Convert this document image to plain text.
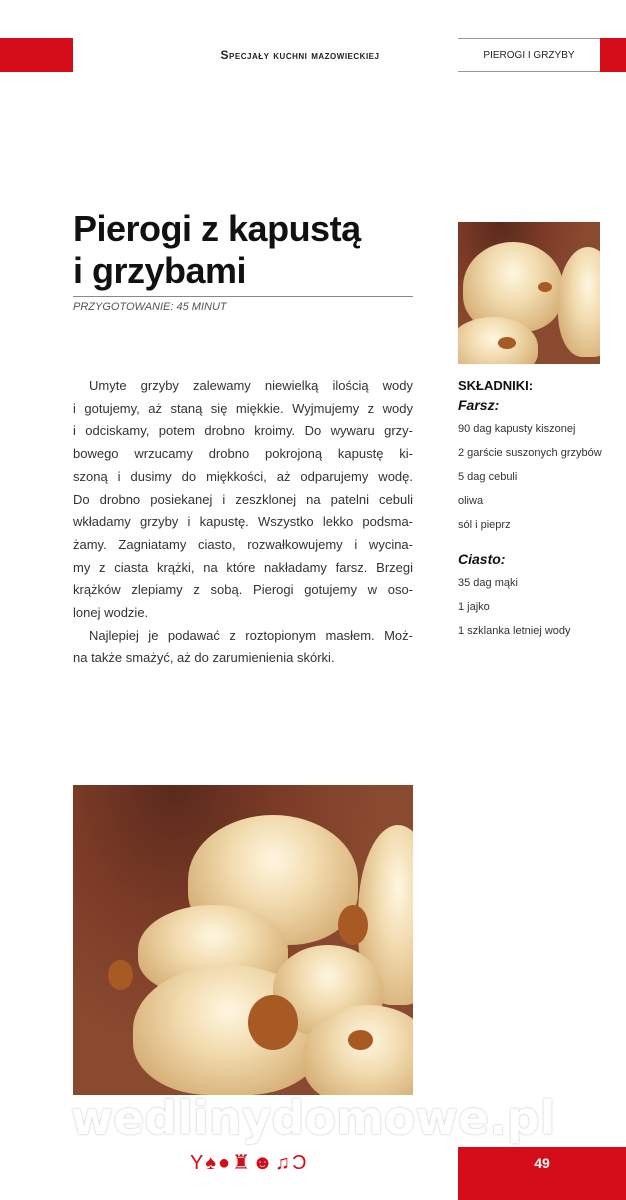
Specjały kuchni mazowieckiej	PIEROGI I GRZYBY
Pierogi z kapustą
i grzybami
PRZYGOTOWANIE: 45 MINUT
Umyte grzyby zalewamy niewielką ilością wody
i gotujemy, aż staną się miękkie. Wyjmujemy z wody
i odciskamy, potem drobno kroimy. Do wywaru grzy-
bowego wrzucamy drobno pokrojoną kapustę ki-
szoną i dusimy do miękkości, aż odparujemy wodę.
Do drobno posiekanej i zeszklonej na patelni cebuli
wkładamy grzyby i kapustę. Wszystko lekko podsma-
żamy. Zagniatamy ciasto, rozwałkowujemy i wycina-
my z ciasta krążki, na które nakładamy farsz. Brzegi
krążków zlepiamy z sobą. Pierogi gotujemy w oso-
lonej wodzie.
Najlepiej je podawać z roztopionym masłem. Moż-
na także smażyć, aż do zarumienienia skórki.
SKŁADNIKI:
Farsz:
90 dag kapusty kiszonej
2 garście suszonych grzybów
5 dag cebuli
oliwa
sól i pieprz
Ciasto:
35 dag mąki
1 jajko
1 szklanka letniej wody
wedlinydomowe.pl
Y♠●♜☻♫Ɔ	49
